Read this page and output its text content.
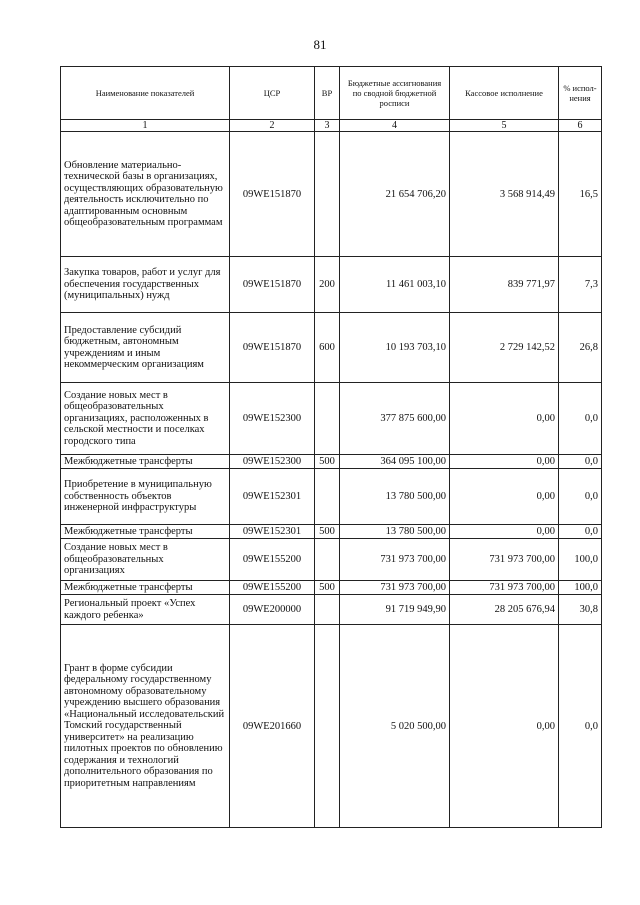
81
Наименование показателей	ЦСР	ВР	Бюджетные ассигнования по сводной бюджетной росписи	Кассовое исполнение	% испол-нения
1	2	3	4	5	6
Обновление материально-технической базы в организациях, осуществляющих образовательную деятельность исключительно по адаптированным основным общеобразовательным программам	09WE151870		21 654 706,20	3 568 914,49	16,5
Закупка товаров, работ и услуг для обеспечения государственных (муниципальных) нужд	09WE151870	200	11 461 003,10	839 771,97	7,3
Предоставление субсидий бюджетным, автономным учреждениям и иным некоммерческим организациям	09WE151870	600	10 193 703,10	2 729 142,52	26,8
Создание новых мест в общеобразовательных организациях, расположенных в сельской местности и поселках городского типа	09WE152300		377 875 600,00	0,00	0,0
Межбюджетные трансферты	09WE152300	500	364 095 100,00	0,00	0,0
Приобретение в муниципальную собственность объектов инженерной инфраструктуры	09WE152301		13 780 500,00	0,00	0,0
Межбюджетные трансферты	09WE152301	500	13 780 500,00	0,00	0,0
Создание новых мест в общеобразовательных организациях	09WE155200		731 973 700,00	731 973 700,00	100,0
Межбюджетные трансферты	09WE155200	500	731 973 700,00	731 973 700,00	100,0
Региональный проект «Успех каждого ребенка»	09WE200000		91 719 949,90	28 205 676,94	30,8
Грант в форме субсидии федеральному государственному автономному образовательному учреждению высшего образования «Национальный исследовательский Томский государственный университет» на реализацию пилотных проектов по обновлению содержания и технологий дополнительного образования по приоритетным направлениям	09WE201660		5 020 500,00	0,00	0,0
